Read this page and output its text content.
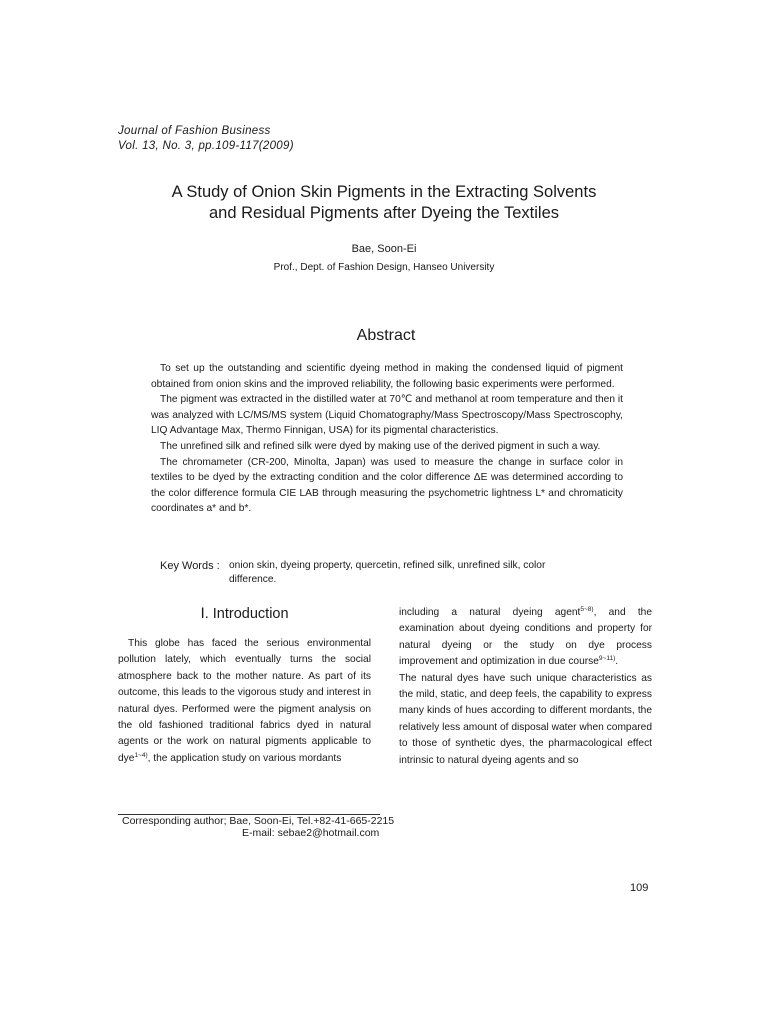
Journal of Fashion Business
Vol. 13, No. 3, pp.109-117(2009)
A Study of Onion Skin Pigments in the Extracting Solvents
and Residual Pigments after Dyeing the Textiles
Bae, Soon-Ei
Prof., Dept. of Fashion Design, Hanseo University
Abstract

To set up the outstanding and scientific dyeing method in making the condensed liquid of pigment obtained from onion skins and the improved reliability, the following basic experiments were performed.

The pigment was extracted in the distilled water at 70℃ and methanol at room temperature and then it was analyzed with LC/MS/MS system (Liquid Chomatography/Mass Spectroscopy/Mass Spectroscophy, LIQ Advantage Max, Thermo Finnigan, USA) for its pigmental characteristics.

The unrefined silk and refined silk were dyed by making use of the derived pigment in such a way.

The chromameter (CR-200, Minolta, Japan) was used to measure the change in surface color in textiles to be dyed by the extracting condition and the color difference ΔE was determined according to the color difference formula CIE LAB through measuring the psychometric lightness L* and chromaticity coordinates a* and b*.

Key Words : onion skin, dyeing property, quercetin, refined silk, unrefined silk, color difference.
Ⅰ. Introduction

This globe has faced the serious environmental pollution lately, which eventually turns the social atmosphere back to the mother nature. As part of its outcome, this leads to the vigorous study and interest in natural dyes. Performed were the pigment analysis on the old fashioned traditional fabrics dyed in natural agents or the work on natural pigments applicable to dye$^{1\sim 4)}$, the application study on various mordants

including a natural dyeing agent$^{5\sim 8)}$, and the examination about dyeing conditions and property for natural dyeing or the study on dye process improvement and optimization in due course$^{9\sim 11)}$.

The natural dyes have such unique characteristics as the mild, static, and deep feels, the capability to express many kinds of hues according to different mordants, the relatively less amount of disposal water when compared to those of synthetic dyes, the pharmacological effect intrinsic to natural dyeing agents and so

Corresponding author; Bae, Soon-Ei, Tel.+82-41-665-2215
E-mail: sebae2@hotmail.com
109
